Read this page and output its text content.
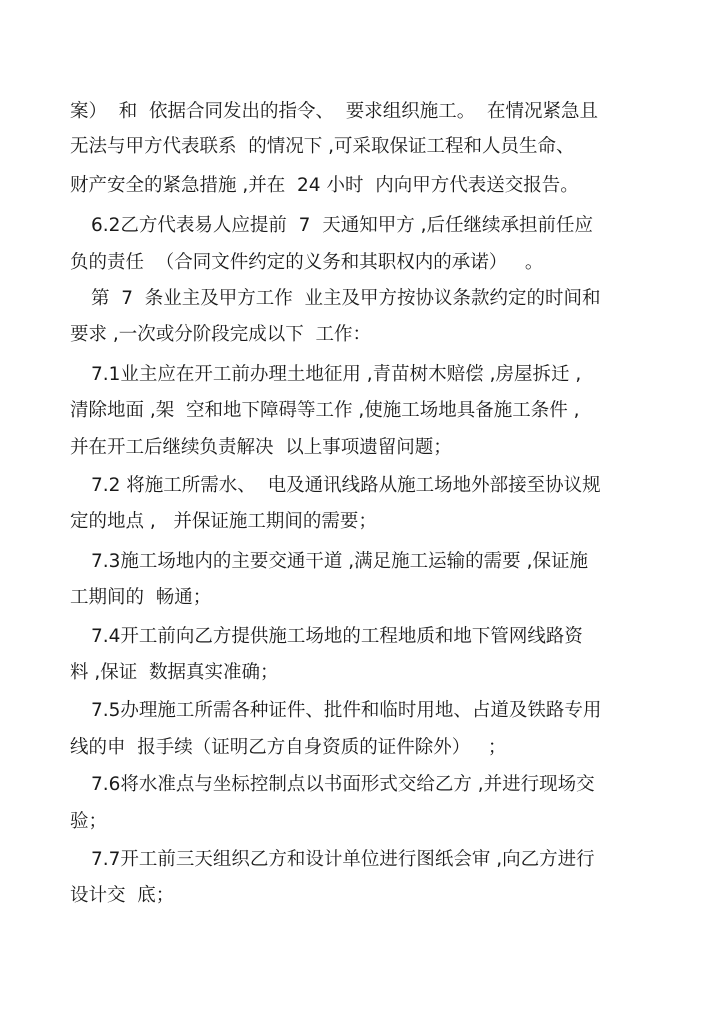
案）  和  依据合同发出的指令、  要求组织施工。  在情况紧急且
无法与甲方代表联系  的情况下 ,可采取保证工程和人员生命、
财产安全的紧急措施 ,并在  24 小时  内向甲方代表送交报告。
6.2乙方代表易人应提前  7  天通知甲方 ,后任继续承担前任应
负的责任  （合同文件约定的义务和其职权内的承诺）   。
第  7  条业主及甲方工作  业主及甲方按协议条款约定的时间和
要求 ,一次或分阶段完成以下  工作：
7.1业主应在开工前办理土地征用 ,青苗树木赔偿 ,房屋拆迁 ,
清除地面 ,架  空和地下障碍等工作 ,使施工场地具备施工条件 ,
并在开工后继续负责解决  以上事项遗留问题；
7.2 将施工所需水、  电及通讯线路从施工场地外部接至协议规
定的地点 ,   并保证施工期间的需要；
7.3施工场地内的主要交通干道 ,满足施工运输的需要 ,保证施
工期间的  畅通；
7.4开工前向乙方提供施工场地的工程地质和地下管网线路资
料 ,保证  数据真实准确；
7.5办理施工所需各种证件、批件和临时用地、占道及铁路专用
线的申  报手续（证明乙方自身资质的证件除外）   ；
7.6将水准点与坐标控制点以书面形式交给乙方 ,并进行现场交
验；
7.7开工前三天组织乙方和设计单位进行图纸会审 ,向乙方进行
设计交  底；
